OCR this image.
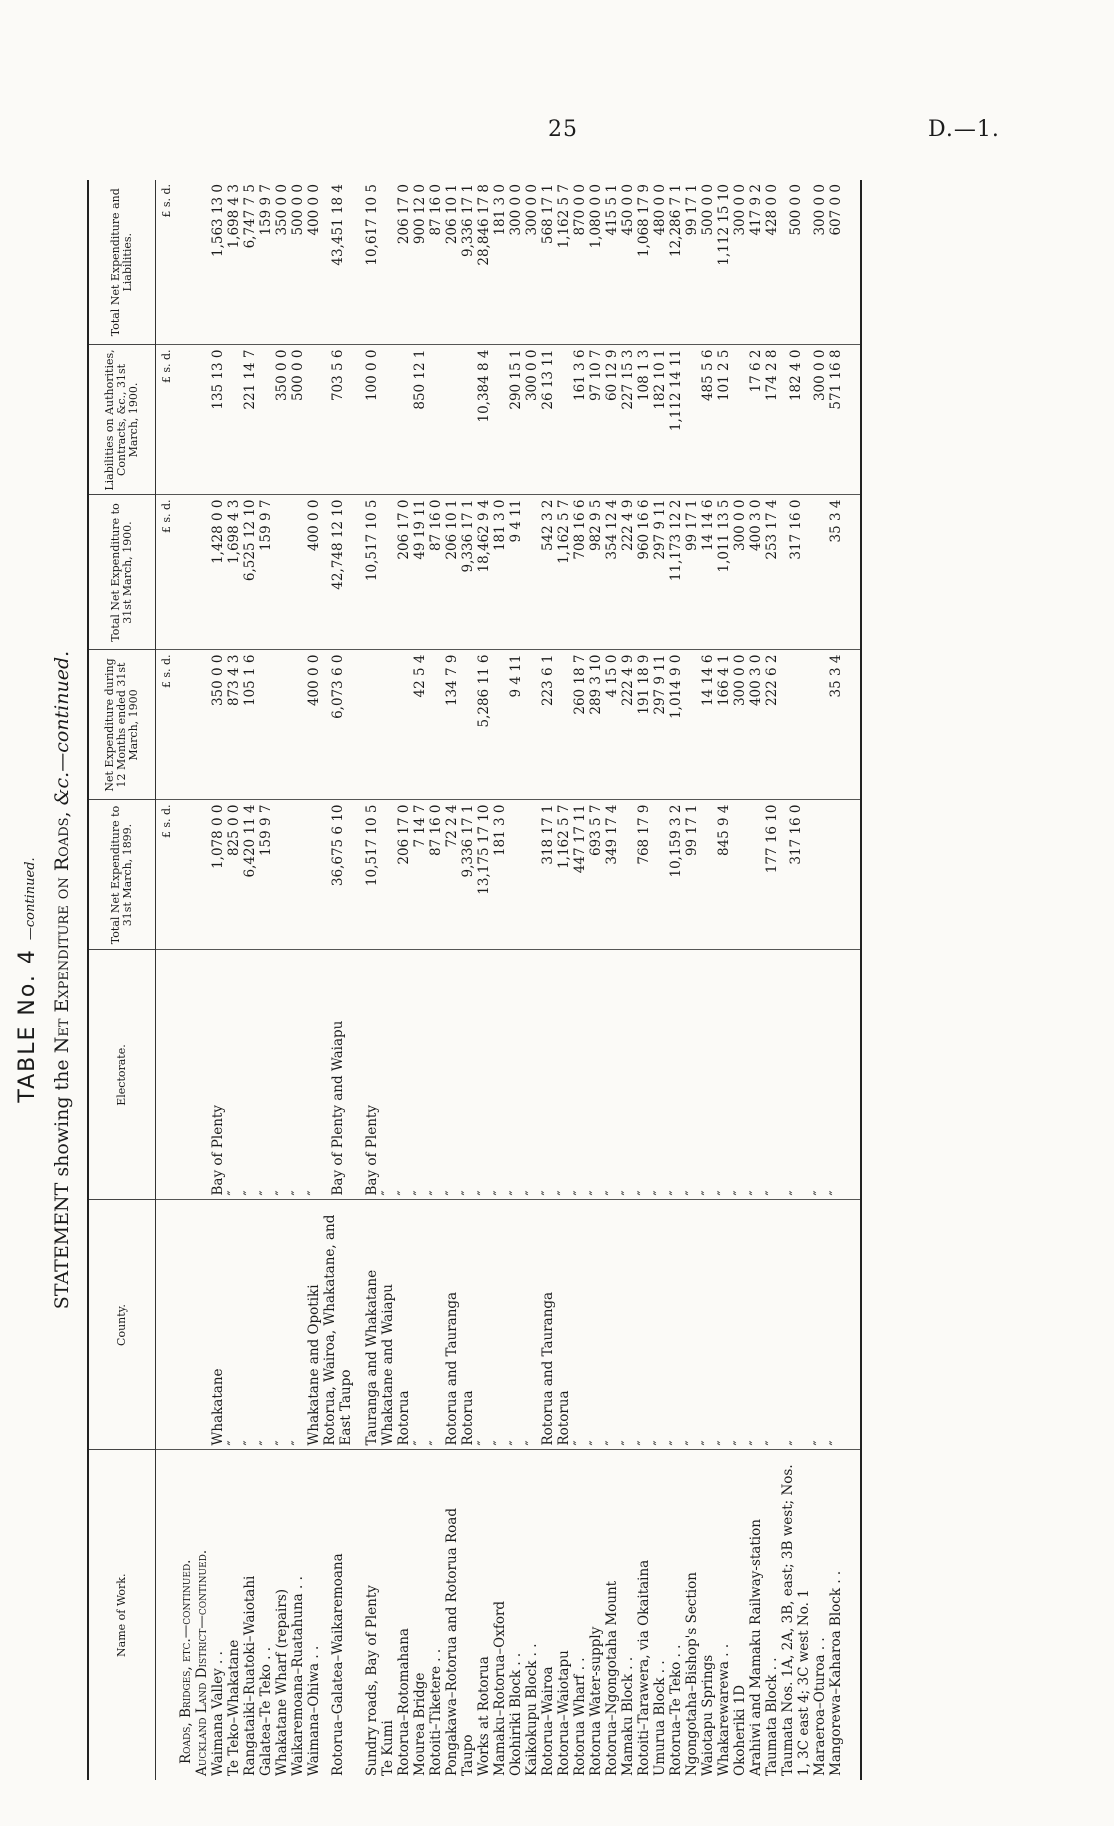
25	D.—1.
TABLE No. 4—continued.
STATEMENT showing the Net Expenditure on Roads, &c.—continued.
Name of Work.	County.	Electorate.	Total Net Expenditure to 31st March, 1899.	Net Expenditure during 12 Months ended 31st March, 1900	Total Net Expenditure to 31st March, 1900.	Liabilities on Authorities, Contracts, &c., 31st March, 1900.	Total Net Expenditure and Liabilities.
			£ s. d.	£ s. d.	£ s. d.	£ s. d.	£ s. d.
Roads, Bridges, etc.—continued.							
Auckland Land District—continued.							
Waimana Valley . .	Whakatane	Bay of Plenty	1,078 0 0	350 0 0	1,428 0 0	135 13 0	1,563 13 0
Te Teko–Whakatane	″	″	825 0 0	873 4 3	1,698 4 3		1,698 4 3
Rangataiki–Ruatoki–Waiotahi	″	″	6,420 11 4	105 1 6	6,525 12 10	221 14 7	6,747 7 5
Galatea–Te Teko . .	″	″	159 9 7		159 9 7		159 9 7
Whakatane Wharf (repairs)	″	″				350 0 0	350 0 0
Waikaremoana–Ruatahuna . .	″	″				500 0 0	500 0 0
Waimana–Ohiwa . .	Whakatane and Opotiki	″		400 0 0	400 0 0		400 0 0
Rotorua–Galatea–Waikaremoana	Rotorua, Wairoa, Whakatane, and East Taupo	Bay of Plenty and Waiapu	36,675 6 10	6,073 6 0	42,748 12 10	703 5 6	43,451 18 4

Sundry roads, Bay of Plenty	Tauranga and Whakatane	Bay of Plenty	10,517 10 5		10,517 10 5	100 0 0	10,617 10 5
Te Kumi	Whakatane and Waiapu	″					
Rotorua–Rotomahana	Rotorua	″	206 17 0		206 17 0		206 17 0
Mourea Bridge	″	″	7 14 7	42 5 4	49 19 11	850 12 1	900 12 0
Rotoiti–Tiketere . .	″	″	87 16 0		87 16 0		87 16 0
Pongakawa–Rotorua and Rotorua Road	Rotorua and Tauranga	″	72 2 4	134 7 9	206 10 1		206 10 1
Taupo	Rotorua	″	9,336 17 1		9,336 17 1		9,336 17 1
Works at Rotorua	″	″	13,175 17 10	5,286 11 6	18,462 9 4	10,384 8 4	28,846 17 8
Mamaku–Rotorua–Oxford	″	″	181 3 0		181 3 0		181 3 0
Okohiriki Block . .	″	″		9 4 11	9 4 11	290 15 1	300 0 0
Kaikokupu Block . .	″	″				300 0 0	300 0 0
Rotorua–Wairoa	Rotorua and Tauranga	″	318 17 1	223 6 1	542 3 2	26 13 11	568 17 1
Rotorua–Waiotapu	Rotorua	″	1,162 5 7		1,162 5 7		1,162 5 7
Rotorua Wharf . .	″	″	447 17 11	260 18 7	708 16 6	161 3 6	870 0 0
Rotorua Water-supply	″	″	693 5 7	289 3 10	982 9 5	97 10 7	1,080 0 0
Rotorua–Ngongotaha Mount	″	″	349 17 4	4 15 0	354 12 4	60 12 9	415 5 1
Mamaku Block . .	″	″		222 4 9	222 4 9	227 15 3	450 0 0
Rotoiti–Tarawera, via Okaitaina	″	″	768 17 9	191 18 9	960 16 6	108 1 3	1,068 17 9
Umurua Block . .	″	″		297 9 11	297 9 11	182 10 1	480 0 0
Rotorua–Te Teko . .	″	″	10,159 3 2	1,014 9 0	11,173 12 2	1,112 14 11	12,286 7 1
Ngongotaha–Bishop's Section	″	″	99 17 1		99 17 1		99 17 1
Waiotapu Springs	″	″		14 14 6	14 14 6	485 5 6	500 0 0
Whakarewarewa . .	″	″	845 9 4	166 4 1	1,011 13 5	101 2 5	1,112 15 10
Okoheriki 1D	″	″		300 0 0	300 0 0		300 0 0
Arahiwi and Mamaku Railway-station	″	″		400 3 0	400 3 0	17 6 2	417 9 2
Taumata Block . .	″	″	177 16 10	222 6 2	253 17 4	174 2 8	428 0 0
Taumata Nos. 1A, 2A, 3B, east; 3B west; Nos. 1, 3C east 4; 3C west No. 1	″	″	317 16 0		317 16 0	182 4 0	500 0 0
Maraeroa–Oturoa . .	″	″				300 0 0	300 0 0
Mangorewa–Kaharoa Block . .	″	″		35 3 4	35 3 4	571 16 8	607 0 0
